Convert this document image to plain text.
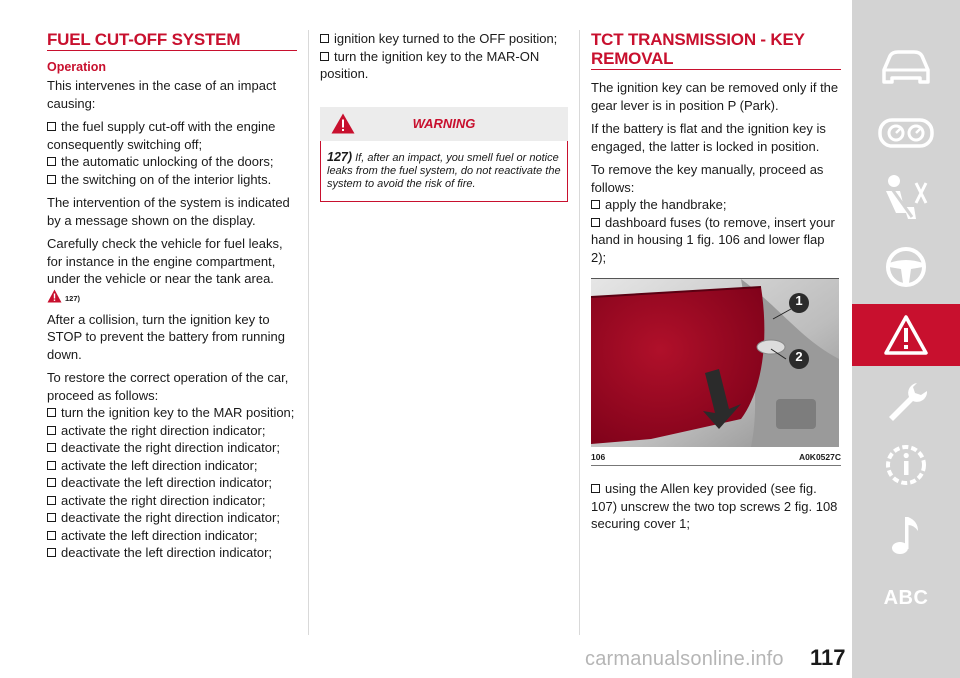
FUEL CUT-OFF SYSTEM
Operation

This intervenes in the case of an impact causing:

the fuel supply cut-off with the engine consequently switching off;

the automatic unlocking of the doors;

the switching on of the interior lights.

The intervention of the system is indicated by a message shown on the display.

Carefully check the vehicle for fuel leaks, for instance in the engine compartment, under the vehicle or near the tank area.

127)

After a collision, turn the ignition key to STOP to prevent the battery from running down.

To restore the correct operation of the car, proceed as follows:

turn the ignition key to the MAR position;

activate the right direction indicator;

deactivate the right direction indicator;

activate the left direction indicator;

deactivate the left direction indicator;

activate the right direction indicator;

deactivate the right direction indicator;

activate the left direction indicator;

deactivate the left direction indicator;

ignition key turned to the OFF position;

turn the ignition key to the MAR-ON position.

WARNING
127) If, after an impact, you smell fuel or notice leaks from the fuel system, do not reactivate the system to avoid the risk of fire.
TCT TRANSMISSION - KEY REMOVAL

The ignition key can be removed only if the gear lever is in position P (Park).

If the battery is flat and the ignition key is engaged, the latter is locked in position.

To remove the key manually, proceed as follows:

apply the handbrake;

dashboard fuses (to remove, insert your hand in housing 1 fig. 106 and lower flap 2);

1
2
106	A0K0527C

using the Allen key provided (see fig. 107) unscrew the two top screws 2 fig. 108 securing cover 1;

ABC
carmanualsonline.info 117
